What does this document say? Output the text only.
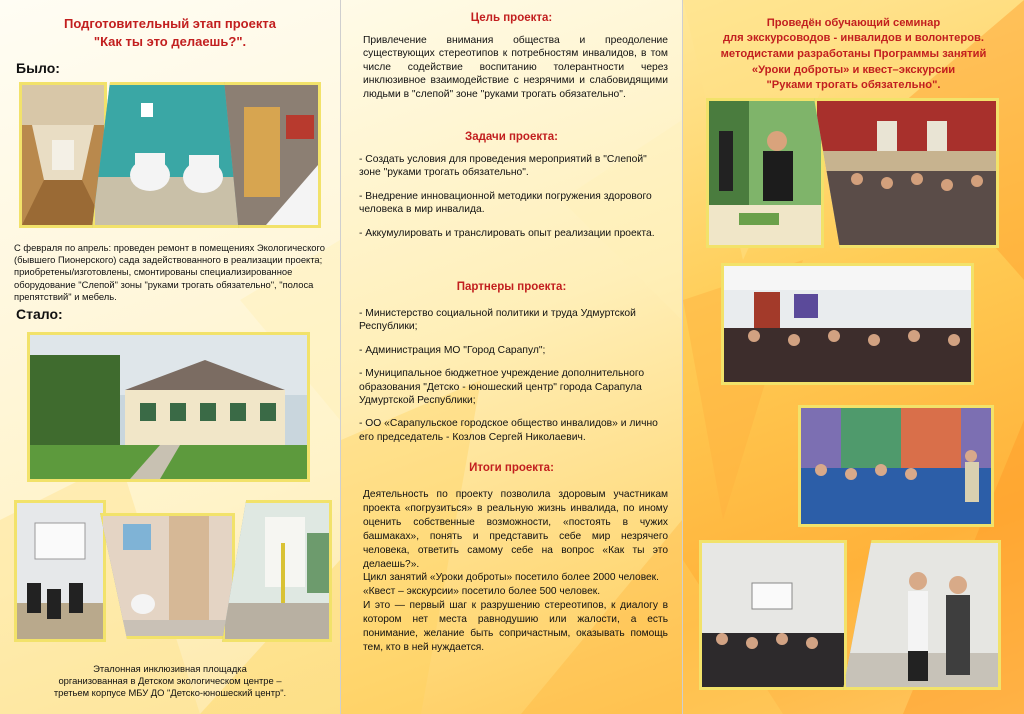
Подготовительный этап проекта
"Как ты это делаешь?".
Было:
С февраля по апрель: проведен ремонт в помещениях Экологического (бывшего Пионерского) сада задействованного в реализации проекта; приобретены/изготовлены, смонтированы специализированное оборудование "Слепой" зоны "руками трогать обязательно", "полоса препятствий" и мебель.
Стало:
Эталонная инклюзивная площадка
организованная в Детском экологическом центре –
третьем корпусе МБУ ДО "Детско-юношеский центр".
Цель проекта:
Привлечение внимания общества и преодоление существующих стереотипов к потребностям инвалидов, в том числе содействие воспитанию толерантности через инклюзивное взаимодействие с незрячими и слабовидящими людьми в "слепой" зоне "руками трогать обязательно".
Задачи проекта:

- Создать условия для проведения мероприятий в "Слепой" зоне "руками трогать обязательно".

- Внедрение инновационной методики погружения здорового человека в мир инвалида.

- Аккумулировать и транслировать опыт реализации проекта.

Партнеры проекта:

- Министерство социальной политики и труда Удмуртской Республики;

- Администрация МО "Город Сарапул";

- Муниципальное бюджетное учреждение дополнительного образования "Детско - юношеский центр" города Сарапула Удмуртской Республики;

- ОО «Сарапульское городское общество инвалидов» и лично его председатель - Козлов Сергей Николаевич.

Итоги проекта:

Деятельность по проекту позволила здоровым участникам проекта «погрузиться» в реальную жизнь инвалида, по иному оценить собственные возможности, «постоять в чужих башмаках», понять и представить себе мир незрячего человека, ответить самому себе на вопрос «Как ты это делаешь?».

Цикл занятий «Уроки доброты» посетило более 2000 человек.

«Квест – экскурсии» посетило более 500 человек.

И это — первый шаг к разрушению стереотипов, к диалогу в котором нет места равнодушию или жалости, а есть понимание, желание быть сопричастным, оказывать помощь тем, кто в ней нуждается.

Проведён обучающий семинар
для экскурсоводов - инвалидов и волонтеров.
методистами разработаны Программы занятий
«Уроки доброты» и квест–экскурсии
"Руками трогать обязательно".
